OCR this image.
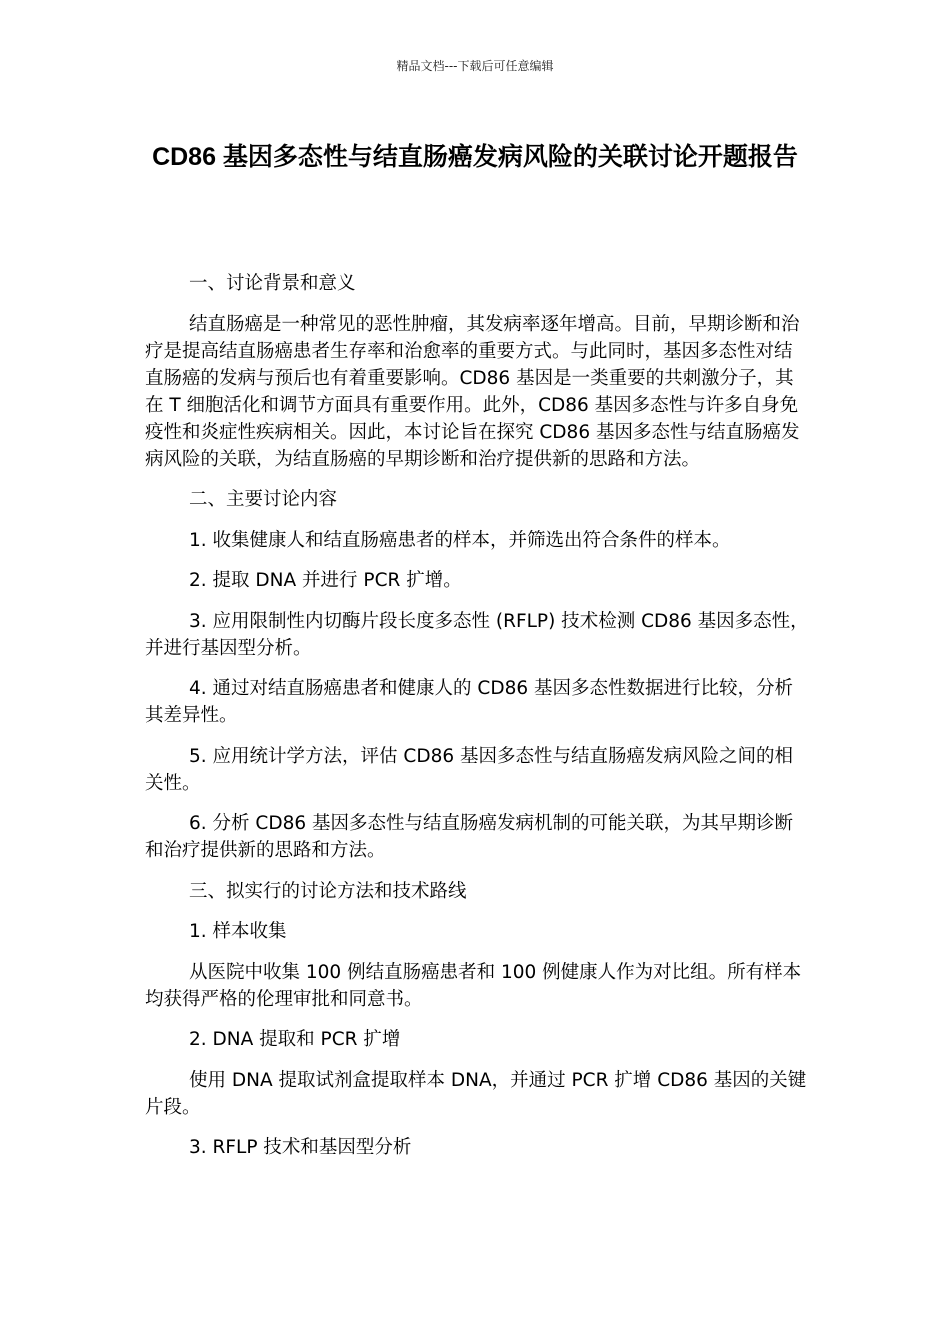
精品文档---下载后可任意编辑
CD86 基因多态性与结直肠癌发病风险的关联讨论开题报告

一、讨论背景和意义

结直肠癌是一种常见的恶性肿瘤，其发病率逐年增高。目前，早期诊断和治疗是提高结直肠癌患者生存率和治愈率的重要方式。与此同时，基因多态性对结直肠癌的发病与预后也有着重要影响。CD86 基因是一类重要的共刺激分子，其在 T 细胞活化和调节方面具有重要作用。此外，CD86 基因多态性与许多自身免疫性和炎症性疾病相关。因此，本讨论旨在探究 CD86 基因多态性与结直肠癌发病风险的关联，为结直肠癌的早期诊断和治疗提供新的思路和方法。

二、主要讨论内容

1. 收集健康人和结直肠癌患者的样本，并筛选出符合条件的样本。

2. 提取 DNA 并进行 PCR 扩增。

3. 应用限制性内切酶片段长度多态性 (RFLP) 技术检测 CD86 基因多态性，并进行基因型分析。

4. 通过对结直肠癌患者和健康人的 CD86 基因多态性数据进行比较，分析其差异性。

5. 应用统计学方法，评估 CD86 基因多态性与结直肠癌发病风险之间的相关性。

6. 分析 CD86 基因多态性与结直肠癌发病机制的可能关联，为其早期诊断和治疗提供新的思路和方法。

三、拟实行的讨论方法和技术路线

1. 样本收集

从医院中收集 100 例结直肠癌患者和 100 例健康人作为对比组。所有样本均获得严格的伦理审批和同意书。

2. DNA 提取和 PCR 扩增

使用 DNA 提取试剂盒提取样本 DNA，并通过 PCR 扩增 CD86 基因的关键片段。

3. RFLP 技术和基因型分析
